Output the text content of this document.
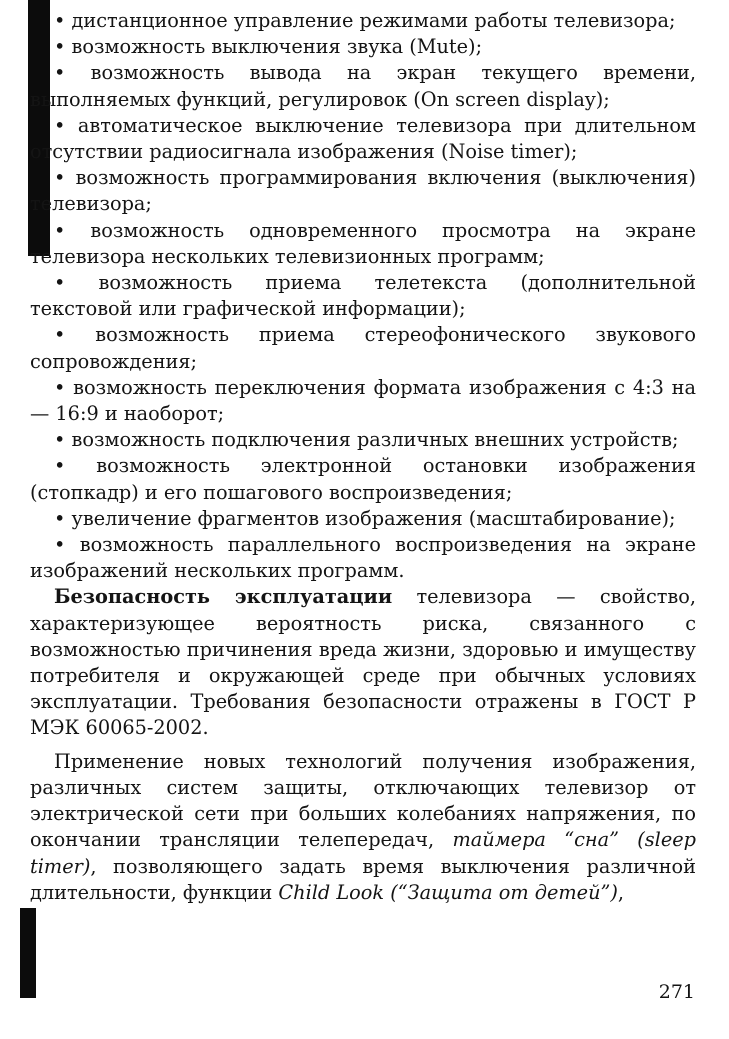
• дистанционное управление режимами работы телевизора;

• возможность выключения звука (Mute);

• возможность вывода на экран текущего времени, выполняемых функций, регулировок (On screen display);

• автоматическое выключение телевизора при длительном отсутствии радиосигнала изображения (Noise timer);

• возможность программирования включения (выключения) телевизора;

• возможность одновременного просмотра на экране телевизора нескольких телевизионных программ;

• возможность приема телетекста (дополнительной текстовой или графической информации);

• возможность приема стереофонического звукового сопровождения;

• возможность переключения формата изображения с 4:3 на — 16:9 и наоборот;

• возможность подключения различных внешних устройств;

• возможность электронной остановки изображения (стопкадр) и его пошагового воспроизведения;

• увеличение фрагментов изображения (масштабирование);

• возможность параллельного воспроизведения на экране изображений нескольких программ.

Безопасность эксплуатации телевизора — свойство, характеризующее вероятность риска, связанного с возможностью причинения вреда жизни, здоровью и имуществу потребителя и окружающей среде при обычных условиях эксплуатации. Требования безопасности отражены в ГОСТ Р МЭК 60065-2002.

Применение новых технологий получения изображения, различных систем защиты, отключающих телевизор от электрической сети при больших колебаниях напряжения, по окончании трансляции телепередач, таймера “сна” (sleep timer), позволяющего задать время выключения различной длительности, функции Child Look (“Защита от детей”),

271
